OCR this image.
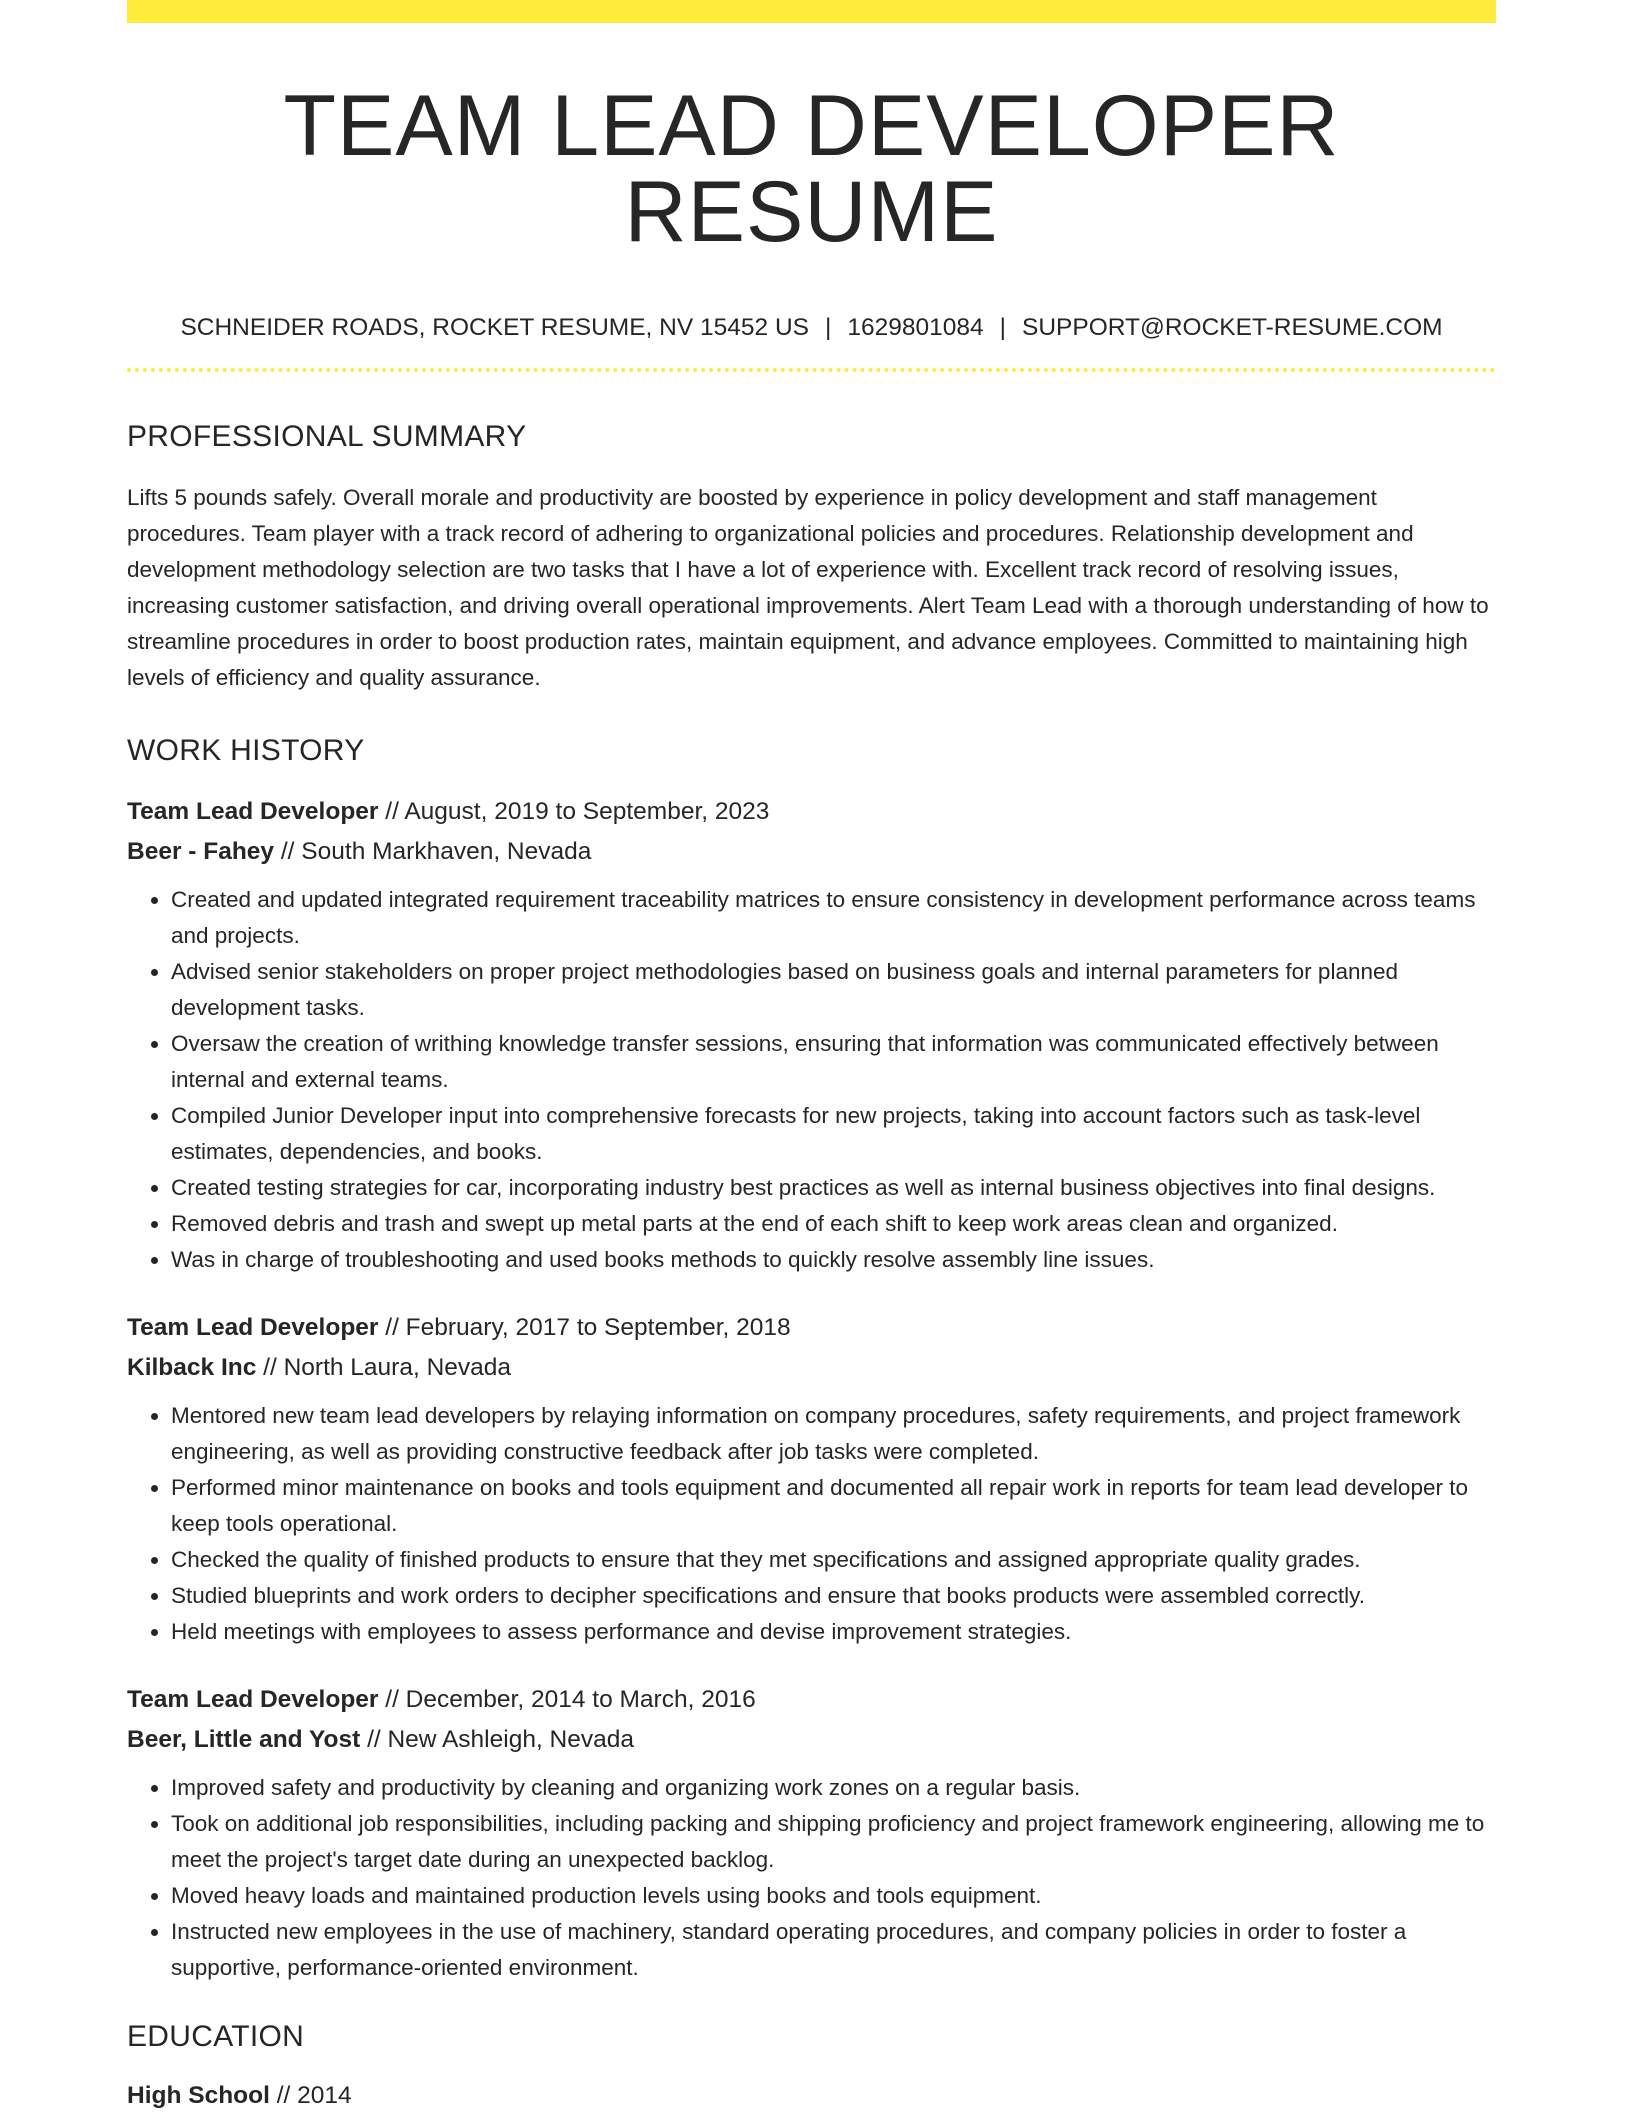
TEAM LEAD DEVELOPER RESUME
SCHNEIDER ROADS, ROCKET RESUME, NV 15452 US | 1629801084 | SUPPORT@ROCKET-RESUME.COM
PROFESSIONAL SUMMARY
Lifts 5 pounds safely. Overall morale and productivity are boosted by experience in policy development and staff management procedures. Team player with a track record of adhering to organizational policies and procedures. Relationship development and development methodology selection are two tasks that I have a lot of experience with. Excellent track record of resolving issues, increasing customer satisfaction, and driving overall operational improvements. Alert Team Lead with a thorough understanding of how to streamline procedures in order to boost production rates, maintain equipment, and advance employees. Committed to maintaining high levels of efficiency and quality assurance.
WORK HISTORY
Team Lead Developer // August, 2019 to September, 2023
Beer - Fahey // South Markhaven, Nevada
• Created and updated integrated requirement traceability matrices to ensure consistency in development performance across teams and projects.
• Advised senior stakeholders on proper project methodologies based on business goals and internal parameters for planned development tasks.
• Oversaw the creation of writhing knowledge transfer sessions, ensuring that information was communicated effectively between internal and external teams.
• Compiled Junior Developer input into comprehensive forecasts for new projects, taking into account factors such as task-level estimates, dependencies, and books.
• Created testing strategies for car, incorporating industry best practices as well as internal business objectives into final designs.
• Removed debris and trash and swept up metal parts at the end of each shift to keep work areas clean and organized.
• Was in charge of troubleshooting and used books methods to quickly resolve assembly line issues.
Team Lead Developer // February, 2017 to September, 2018
Kilback Inc // North Laura, Nevada
• Mentored new team lead developers by relaying information on company procedures, safety requirements, and project framework engineering, as well as providing constructive feedback after job tasks were completed.
• Performed minor maintenance on books and tools equipment and documented all repair work in reports for team lead developer to keep tools operational.
• Checked the quality of finished products to ensure that they met specifications and assigned appropriate quality grades.
• Studied blueprints and work orders to decipher specifications and ensure that books products were assembled correctly.
• Held meetings with employees to assess performance and devise improvement strategies.
Team Lead Developer // December, 2014 to March, 2016
Beer, Little and Yost // New Ashleigh, Nevada
• Improved safety and productivity by cleaning and organizing work zones on a regular basis.
• Took on additional job responsibilities, including packing and shipping proficiency and project framework engineering, allowing me to meet the project's target date during an unexpected backlog.
• Moved heavy loads and maintained production levels using books and tools equipment.
• Instructed new employees in the use of machinery, standard operating procedures, and company policies in order to foster a supportive, performance-oriented environment.
EDUCATION
High School // 2014
